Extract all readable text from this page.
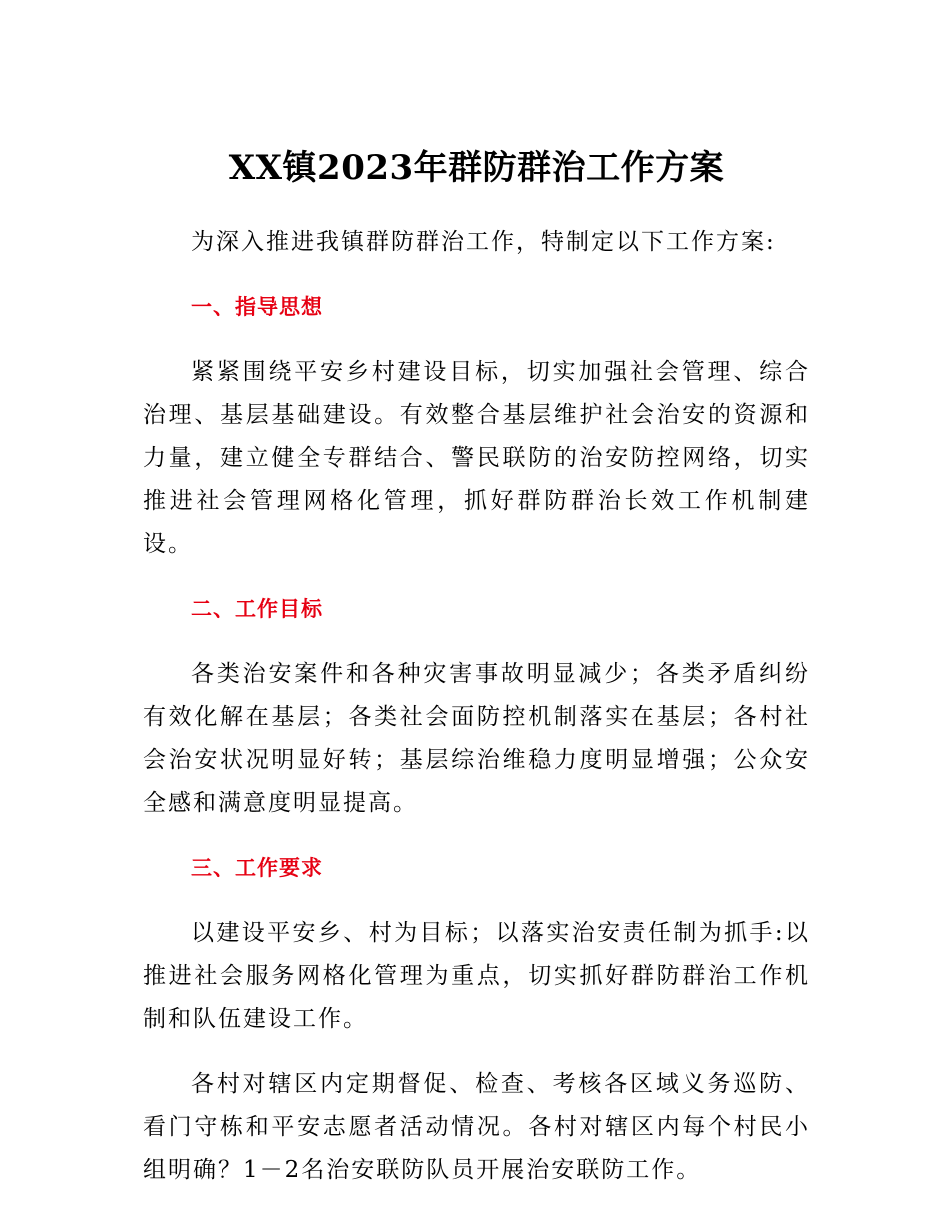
XX镇2023年群防群治工作方案

为深入推进我镇群防群治工作，特制定以下工作方案:

一、指导思想

紧紧围绕平安乡村建设目标，切实加强社会管理、综合治理、基层基础建设。有效整合基层维护社会治安的资源和力量，建立健全专群结合、警民联防的治安防控网络，切实推进社会管理网格化管理，抓好群防群治长效工作机制建设。

二、工作目标

各类治安案件和各种灾害事故明显减少；各类矛盾纠纷有效化解在基层；各类社会面防控机制落实在基层；各村社会治安状况明显好转；基层综治维稳力度明显增强；公众安全感和满意度明显提高。

三、工作要求

以建设平安乡、村为目标；以落实治安责任制为抓手:以推进社会服务网格化管理为重点，切实抓好群防群治工作机制和队伍建设工作。

各村对辖区内定期督促、检查、考核各区域义务巡防、看门守栋和平安志愿者活动情况。各村对辖区内每个村民小组明确？1－2名治安联防队员开展治安联防工作。
